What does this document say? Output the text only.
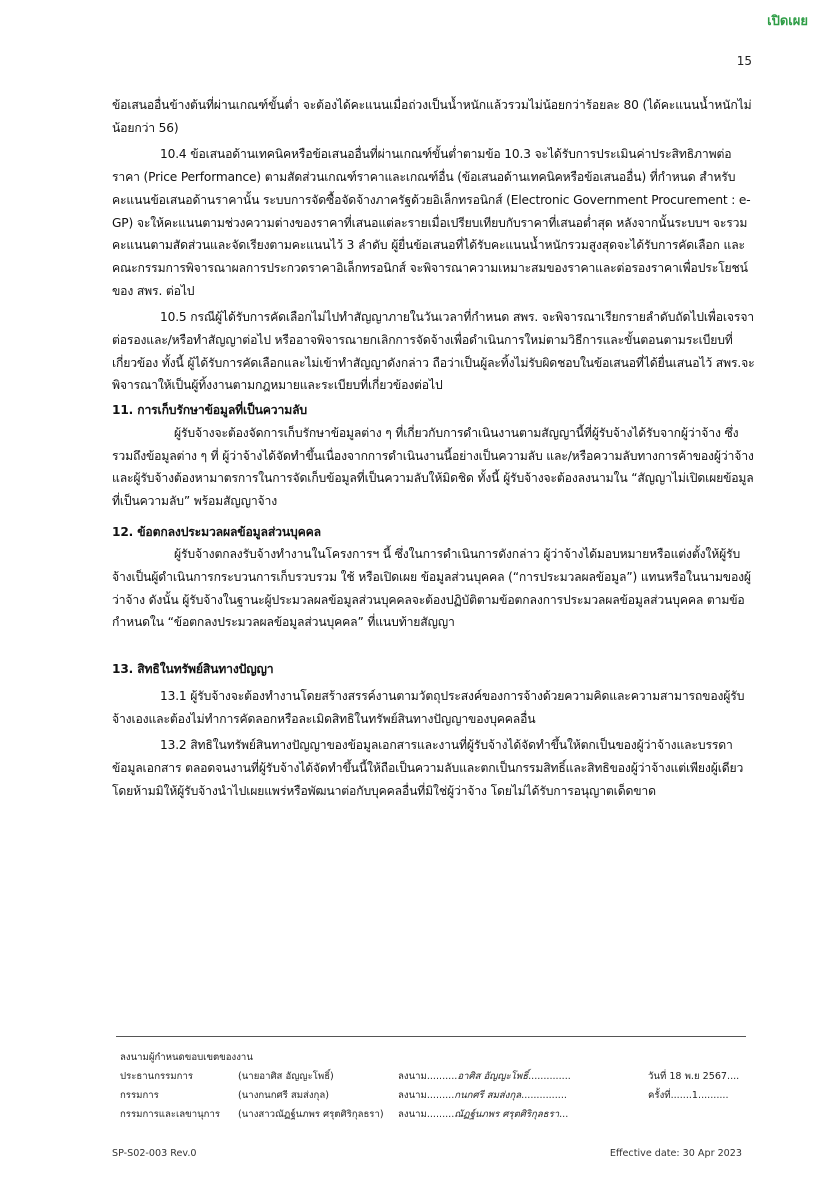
เปิดเผย
15

ข้อเสนออื่นข้างต้นที่ผ่านเกณฑ์ขั้นต่ำ จะต้องได้คะแนนเมื่อถ่วงเป็นน้ำหนักแล้วรวมไม่น้อยกว่าร้อยละ 80 (ได้คะแนนน้ำหนักไม่น้อยกว่า 56)

10.4 ข้อเสนอด้านเทคนิคหรือข้อเสนออื่นที่ผ่านเกณฑ์ขั้นต่ำตามข้อ 10.3 จะได้รับการประเมินค่าประสิทธิภาพต่อราคา (Price Performance) ตามสัดส่วนเกณฑ์ราคาและเกณฑ์อื่น (ข้อเสนอด้านเทคนิคหรือข้อเสนออื่น) ที่กำหนด สำหรับคะแนนข้อเสนอด้านราคานั้น ระบบการจัดซื้อจัดจ้างภาครัฐด้วยอิเล็กทรอนิกส์ (Electronic Government Procurement : e-GP) จะให้คะแนนตามช่วงความต่างของราคาที่เสนอแต่ละรายเมื่อเปรียบเทียบกับราคาที่เสนอต่ำสุด หลังจากนั้นระบบฯ จะรวมคะแนนตามสัดส่วนและจัดเรียงตามคะแนนไว้ 3 ลำดับ ผู้ยื่นข้อเสนอที่ได้รับคะแนนน้ำหนักรวมสูงสุดจะได้รับการคัดเลือก และคณะกรรมการพิจารณาผลการประกวดราคาอิเล็กทรอนิกส์ จะพิจารณาความเหมาะสมของราคาและต่อรองราคาเพื่อประโยชน์ของ สพร. ต่อไป

10.5 กรณีผู้ได้รับการคัดเลือกไม่ไปทำสัญญาภายในวันเวลาที่กำหนด สพร. จะพิจารณาเรียกรายลำดับถัดไปเพื่อเจรจาต่อรองและ/หรือทำสัญญาต่อไป หรืออาจพิจารณายกเลิกการจัดจ้างเพื่อดำเนินการใหม่ตามวิธีการและขั้นตอนตามระเบียบที่เกี่ยวข้อง ทั้งนี้ ผู้ได้รับการคัดเลือกและไม่เข้าทำสัญญาดังกล่าว ถือว่าเป็นผู้ละทิ้งไม่รับผิดชอบในข้อเสนอที่ได้ยื่นเสนอไว้ สพร.จะพิจารณาให้เป็นผู้ทิ้งงานตามกฎหมายและระเบียบที่เกี่ยวข้องต่อไป

11. การเก็บรักษาข้อมูลที่เป็นความลับ

ผู้รับจ้างจะต้องจัดการเก็บรักษาข้อมูลต่าง ๆ ที่เกี่ยวกับการดำเนินงานตามสัญญานี้ที่ผู้รับจ้างได้รับจากผู้ว่าจ้าง ซึ่งรวมถึงข้อมูลต่าง ๆ ที่ ผู้ว่าจ้างได้จัดทำขึ้นเนื่องจากการดำเนินงานนี้อย่างเป็นความลับ และ/หรือความลับทางการค้าของผู้ว่าจ้าง และผู้รับจ้างต้องหามาตรการในการจัดเก็บข้อมูลที่เป็นความลับให้มิดชิด ทั้งนี้ ผู้รับจ้างจะต้องลงนามใน “สัญญาไม่เปิดเผยข้อมูลที่เป็นความลับ” พร้อมสัญญาจ้าง

12. ข้อตกลงประมวลผลข้อมูลส่วนบุคคล

ผู้รับจ้างตกลงรับจ้างทำงานในโครงการฯ นี้ ซึ่งในการดำเนินการดังกล่าว ผู้ว่าจ้างได้มอบหมายหรือแต่งตั้งให้ผู้รับจ้างเป็นผู้ดำเนินการกระบวนการเก็บรวบรวม ใช้ หรือเปิดเผย ข้อมูลส่วนบุคคล (“การประมวลผลข้อมูล”) แทนหรือในนามของผู้ว่าจ้าง ดังนั้น ผู้รับจ้างในฐานะผู้ประมวลผลข้อมูลส่วนบุคคลจะต้องปฏิบัติตามข้อตกลงการประมวลผลข้อมูลส่วนบุคคล ตามข้อกำหนดใน “ข้อตกลงประมวลผลข้อมูลส่วนบุคคล” ที่แนบท้ายสัญญา

13. สิทธิในทรัพย์สินทางปัญญา

13.1 ผู้รับจ้างจะต้องทำงานโดยสร้างสรรค์งานตามวัตถุประสงค์ของการจ้างด้วยความคิดและความสามารถของผู้รับจ้างเองและต้องไม่ทำการคัดลอกหรือละเมิดสิทธิในทรัพย์สินทางปัญญาของบุคคลอื่น

13.2 สิทธิในทรัพย์สินทางปัญญาของข้อมูลเอกสารและงานที่ผู้รับจ้างได้จัดทำขึ้นให้ตกเป็นของผู้ว่าจ้างและบรรดาข้อมูลเอกสาร ตลอดจนงานที่ผู้รับจ้างได้จัดทำขึ้นนี้ให้ถือเป็นความลับและตกเป็นกรรมสิทธิ์และสิทธิของผู้ว่าจ้างแต่เพียงผู้เดียวโดยห้ามมิให้ผู้รับจ้างนำไปเผยแพร่หรือพัฒนาต่อกับบุคคลอื่นที่มิใช่ผู้ว่าจ้าง โดยไม่ได้รับการอนุญาตเด็ดขาด

ลงนามผู้กำหนดขอบเขตของงาน
ประธานกรรมการ	(นายอาศิส อัญญะโพธิ์)	ลงนาม..........อาศิส อัญญะโพธิ์..............	วันที่ 18 พ.ย 2567....
กรรมการ	(นางกนกศรี สมส่งกุล)	ลงนาม.........กนกศรี สมส่งกุล...............	ครั้งที่.......1..........
กรรมการและเลขานุการ (นางสาวณัฏฐ์นภพร ศรุตศิริกุลธรา) ลงนาม.........ณัฏฐ์นภพร ศรุตศิริกุลธรา...
SP-S02-003 Rev.0	Effective date: 30 Apr 2023
